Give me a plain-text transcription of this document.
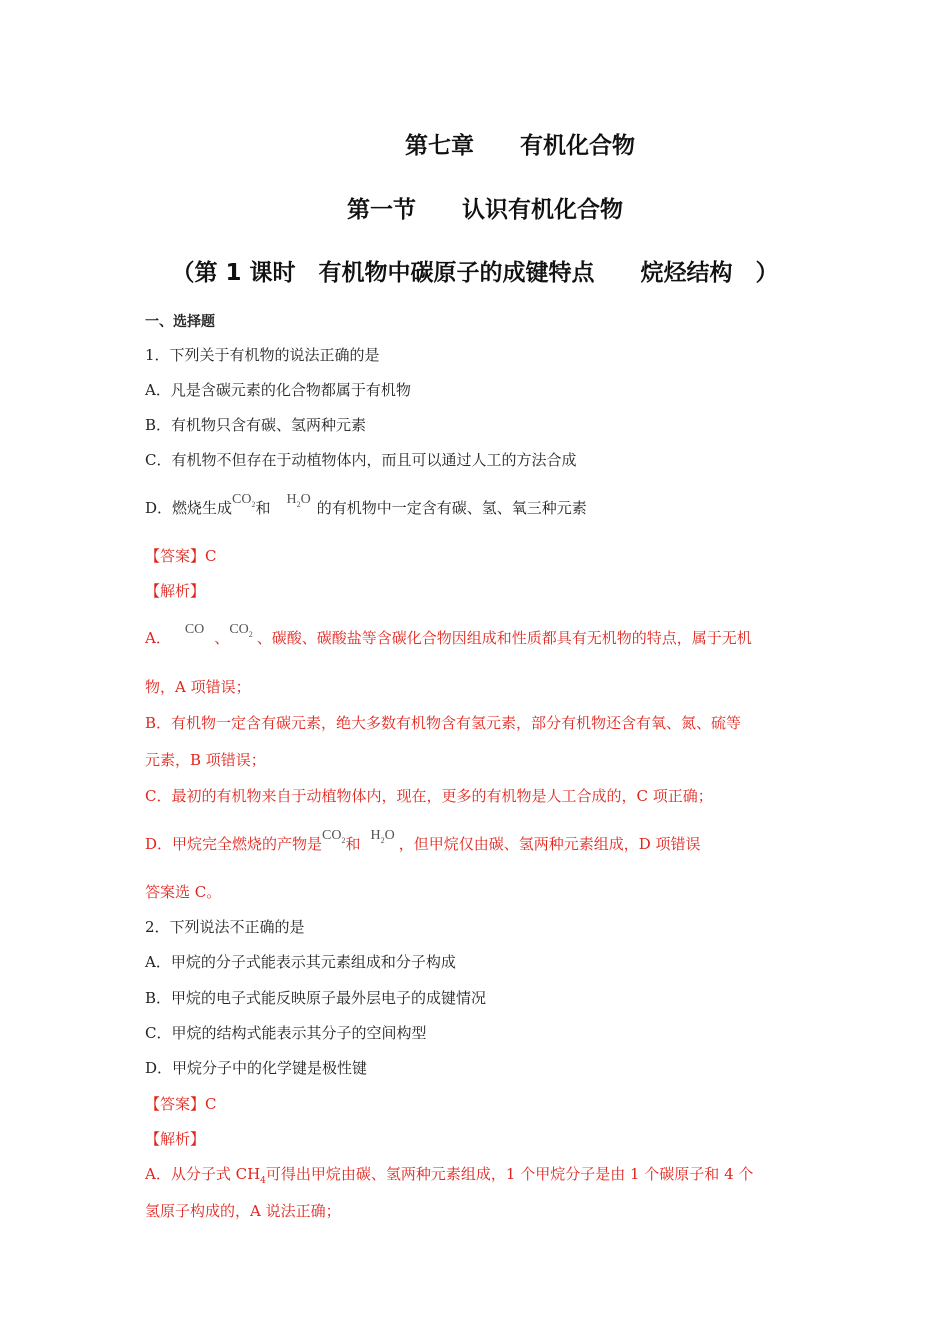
第七章　　有机化合物
第一节　　认识有机化合物
（第 1 课时　有机物中碳原子的成键特点　　烷烃结构　）
一、选择题
1．下列关于有机物的说法正确的是
A．凡是含碳元素的化合物都属于有机物
B．有机物只含有碳、氢两种元素
C．有机物不但存在于动植物体内，而且可以通过人工的方法合成
D．燃烧生成$CO_2$和 $H_2O$ 的有机物中一定含有碳、氢、氧三种元素
【答案】C
【解析】
A． CO 、$CO_2$ 、碳酸、碳酸盐等含碳化合物因组成和性质都具有无机物的特点，属于无机
物，A 项错误；
B．有机物一定含有碳元素，绝大多数有机物含有氢元素，部分有机物还含有氧、氮、硫等
元素，B 项错误；
C．最初的有机物来自于动植物体内，现在，更多的有机物是人工合成的，C 项正确；
D．甲烷完全燃烧的产物是$CO_2$和 $H_2O$ ，但甲烷仅由碳、氢两种元素组成，D 项错误
答案选 C。
2．下列说法不正确的是
A．甲烷的分子式能表示其元素组成和分子构成
B．甲烷的电子式能反映原子最外层电子的成键情况
C．甲烷的结构式能表示其分子的空间构型
D．甲烷分子中的化学键是极性键
【答案】C
【解析】
A．从分子式 $CH_4$可得出甲烷由碳、氢两种元素组成，1 个甲烷分子是由 1 个碳原子和 4 个
氢原子构成的，A 说法正确；
